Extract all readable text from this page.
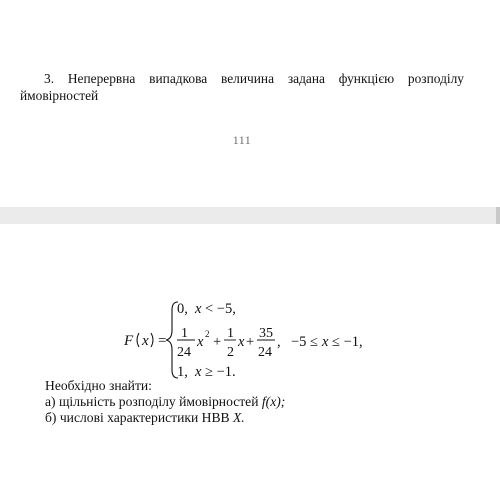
3. Неперервна випадкова величина задана функцією розподілу ймовірностей
111
F x =
0, x < −5,
1
24
x 2 +
1
2
x +
35
24
, −5 ≤ x ≤ −1,
1, x ≥ −1.
Необхідно знайти:
а) щільність розподілу ймовірностей f(x);
б) числові характеристики НВВ X.
